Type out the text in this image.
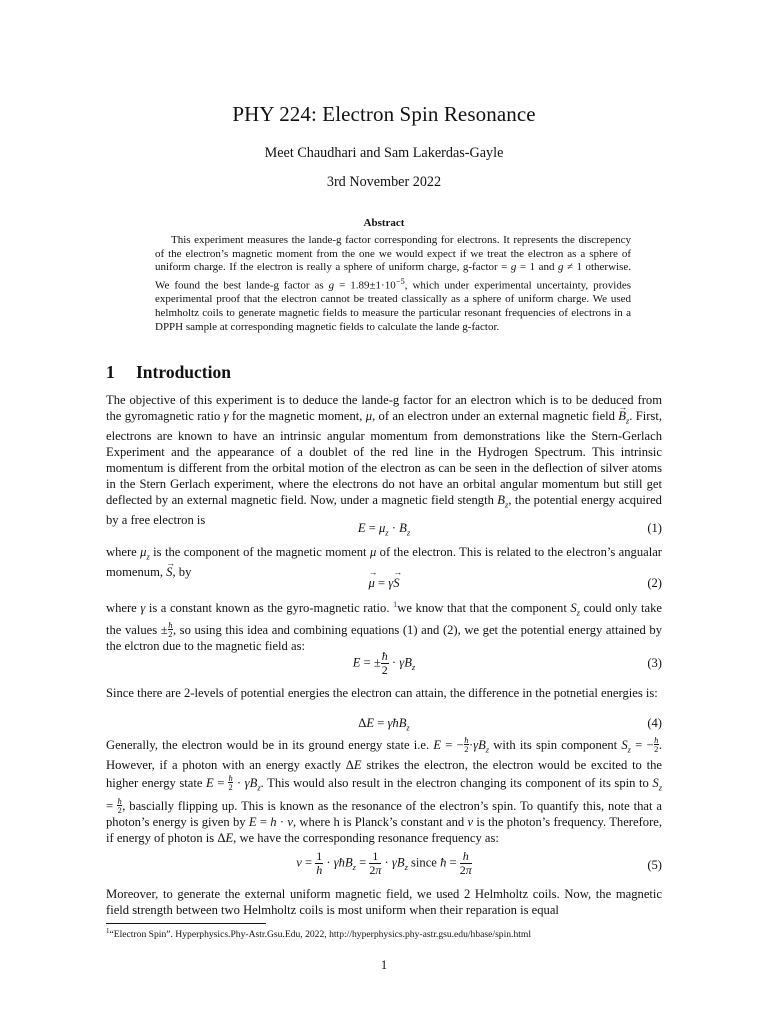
PHY 224: Electron Spin Resonance
Meet Chaudhari and Sam Lakerdas-Gayle
3rd November 2022
Abstract

This experiment measures the lande-g factor corresponding for electrons. It represents the discrepency of the electron’s magnetic moment from the one we would expect if we treat the electron as a sphere of uniform charge. If the electron is really a sphere of uniform charge, g-factor = g = 1 and g ≠ 1 otherwise. We found the best lande-g factor as $g = 1.89\pm 1\cdot 10^{-5}$, which under experimental uncertainty, provides experimental proof that the electron cannot be treated classically as a sphere of uniform charge. We used helmholtz coils to generate magnetic fields to measure the particular resonant frequencies of electrons in a DPPH sample at corresponding magnetic fields to calculate the lande g-factor.

1 Introduction

The objective of this experiment is to deduce the lande-g factor for an electron which is to be deduced from the gyromagnetic ratio γ for the magnetic moment, μ, of an electron under an external magnetic field → $B_z$. First, electrons are known to have an intrinsic angular momentum from demonstrations like the Stern-Gerlach Experiment and the appearance of a doublet of the red line in the Hydrogen Spectrum. This intrinsic momentum is different from the orbital motion of the electron as can be seen in the deflection of silver atoms in the Stern Gerlach experiment, where the electrons do not have an orbital angular momentum but still get deflected by an external magnetic field. Now, under a magnetic field stength $B_z$, the potential energy acquired by a free electron is

$E = \mu_z \cdot B_z$	(1)

where $\mu_z$ is the component of the magnetic moment μ of the electron. This is related to the electron’s angualar momenum, → S, by

→ μ = γ→ S	(2)

where γ is a constant known as the gyro-magnetic ratio. $^1$we know that that the component $S_z$ could only take the values ± $\frac{ħ}{2}$ , so using this idea and combining equations (1) and (2), we get the potential energy attained by the elctron due to the magnetic field as:

E = ± $\frac{ħ}{2} \cdot \gamma B_z$	(3)

Since there are 2-levels of potential energies the electron can attain, the difference in the potnetial energies is:

ΔE = γħB$_z$	(4)

Generally, the electron would be in its ground energy state i.e. E = − $\frac{ħ}{2} \cdot\gamma B_z$ with its spin component $S_z$ = − $\frac{ħ}{2}$ . However, if a photon with an energy exactly ΔE strikes the electron, the electron would be excited to the higher energy state $E = \frac{ħ}{2} \cdot \gamma B_z$. This would also result in the electron changing its component of its spin to $S_z = \frac{ħ}{2}$ , bascially flipping up. This is known as the resonance of the electron’s spin. To quantify this, note that a photon’s energy is given by E = h · ν, where h is Planck’s constant and ν is the photon’s frequency. Therefore, if energy of photon is ΔE, we have the corresponding resonance frequency as:

$\nu = \frac{1}{h}$ · γħB$_z$ = $\frac{1}{2\pi} \cdot \gamma B_z$ since ħ = $\frac{h}{2\pi}$	(5)

Moreover, to generate the external uniform magnetic field, we used 2 Helmholtz coils. Now, the magnetic field strength between two Helmholtz coils is most uniform when their reparation is equal

$^1$“Electron Spin”. Hyperphysics.Phy-Astr.Gsu.Edu, 2022, http://hyperphysics.phy-astr.gsu.edu/hbase/spin.html
1
